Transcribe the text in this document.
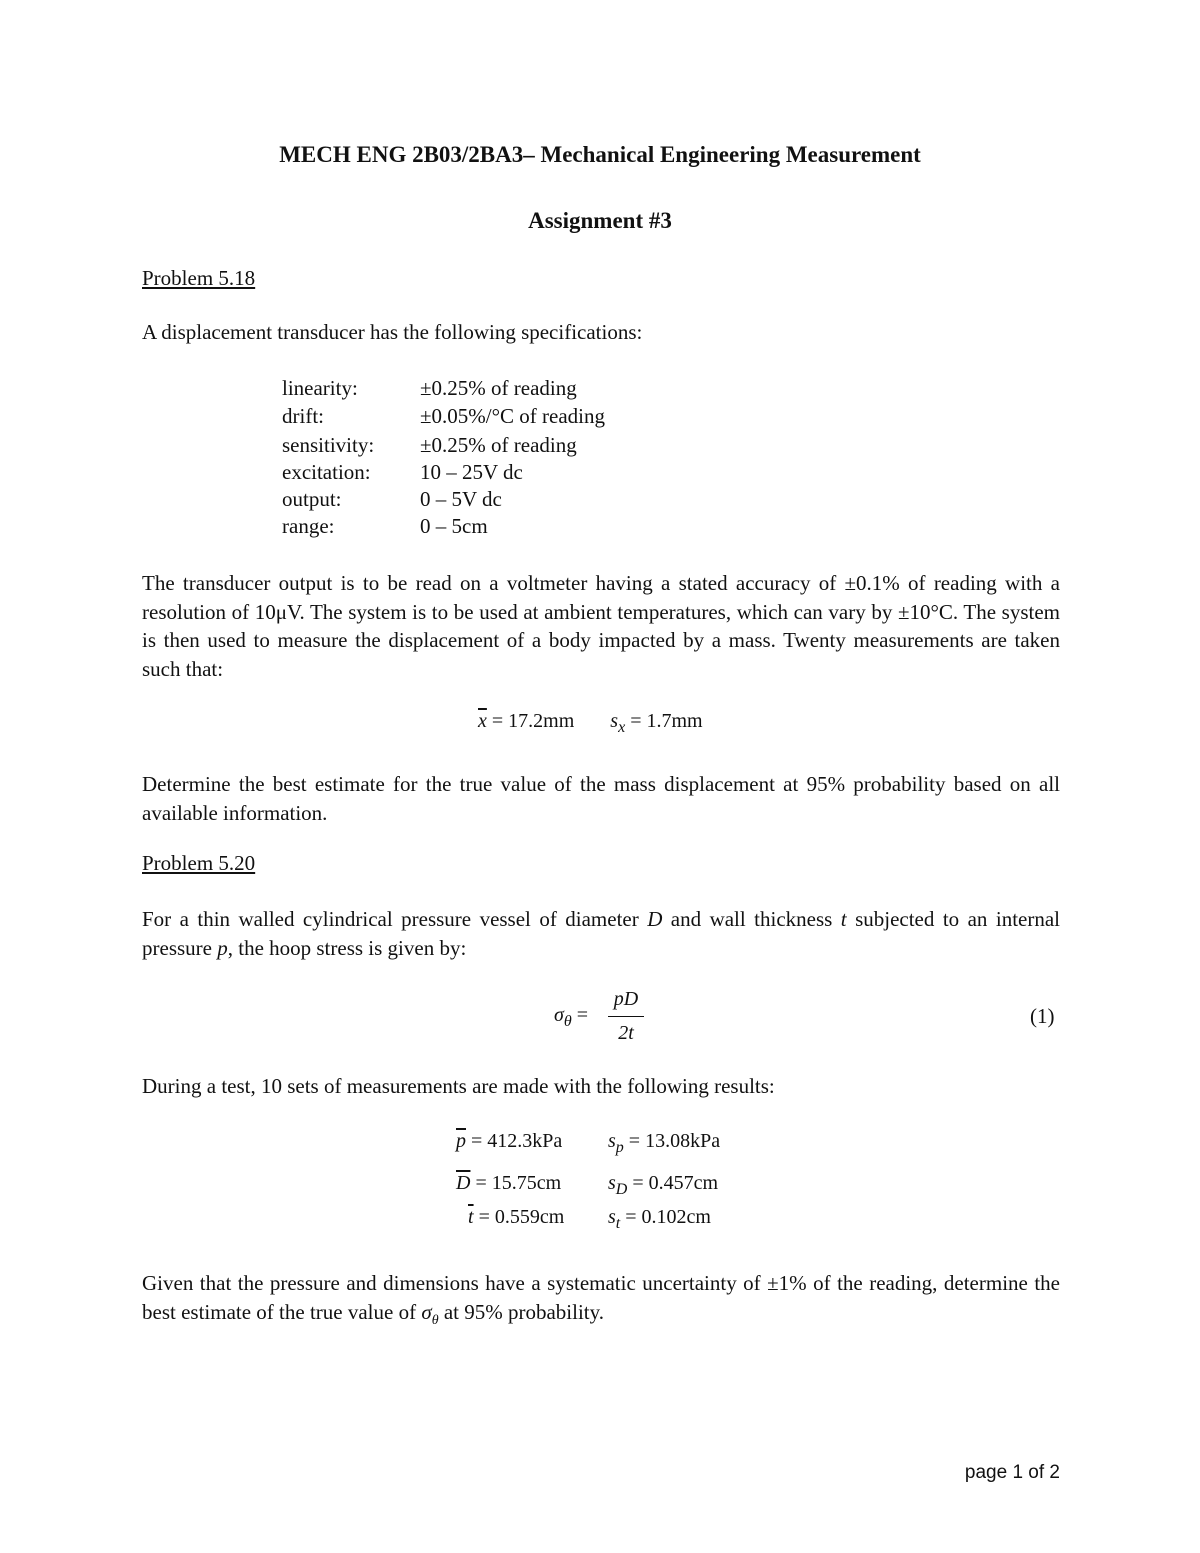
MECH ENG 2B03/2BA3– Mechanical Engineering Measurement
Assignment #3
Problem 5.18
A displacement transducer has the following specifications:
linearity:	±0.25% of reading
drift:	±0.05%/°C of reading
sensitivity: ±0.25% of reading
excitation: 10 – 25V dc
output:	0 – 5V dc
range:	0 – 5cm
The transducer output is to be read on a voltmeter having a stated accuracy of ±0.1% of reading with a resolution of 10μV. The system is to be used at ambient temperatures, which can vary by ±10°C. The system is then used to measure the displacement of a body impacted by a mass. Twenty measurements are taken such that:
$\overline{x} = 17.2mm$ $s_x = 1.7mm$
Determine the best estimate for the true value of the mass displacement at 95% probability based on all available information.
Problem 5.20
For a thin walled cylindrical pressure vessel of diameter D and wall thickness t subjected to an internal pressure p, the hoop stress is given by:
$\sigma_\theta$ =
pD
2t
(1)
During a test, 10 sets of measurements are made with the following results:
$\overline{p} = 412.3kPa$ $s_p = 13.08kPa$
$\overline{D} = 15.75cm$ $s_D = 0.457cm$
$\overline{t} = 0.559cm$ $s_t = 0.102cm$
Given that the pressure and dimensions have a systematic uncertainty of ±1% of the reading, determine the best estimate of the true value of $\sigma_\theta$ at 95% probability.
page 1 of 2
